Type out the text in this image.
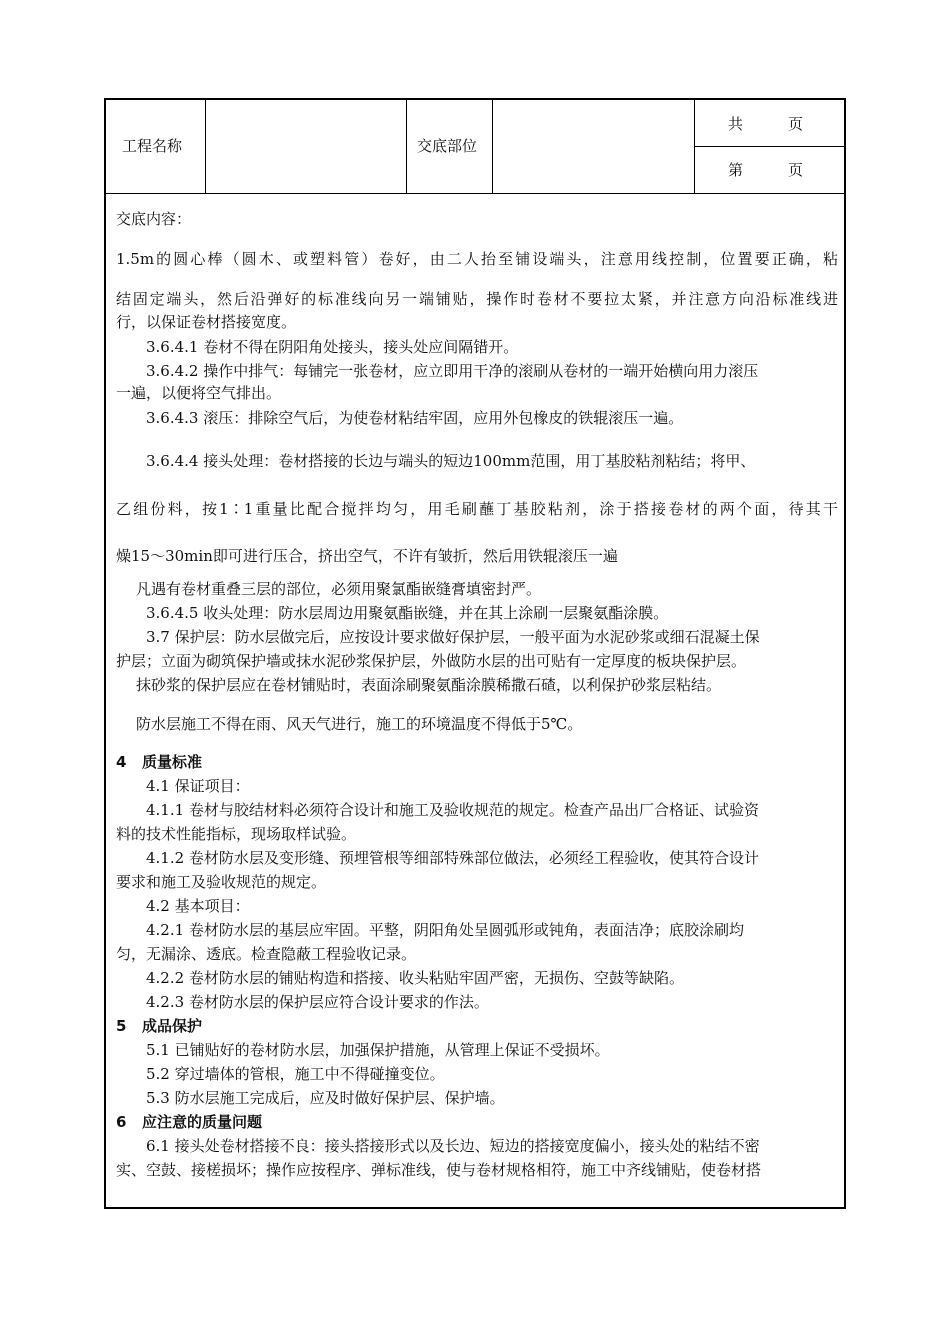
工程名称	交底部位
共　　　页
第　　　页
交底内容：
1.5m的圆心棒（圆木、或塑料管）卷好，由二人抬至铺设端头，注意用线控制，位置要正确，粘
结固定端头，然后沿弹好的标准线向另一端铺贴，操作时卷材不要拉太紧，并注意方向沿标准线进
行，以保证卷材搭接宽度。
3.6.4.1 卷材不得在阴阳角处接头，接头处应间隔错开。
3.6.4.2 操作中排气：每铺完一张卷材，应立即用干净的滚刷从卷材的一端开始横向用力滚压
一遍，以便将空气排出。
3.6.4.3 滚压：排除空气后，为使卷材粘结牢固，应用外包橡皮的铁辊滚压一遍。
3.6.4.4 接头处理：卷材搭接的长边与端头的短边100mm范围，用丁基胶粘剂粘结；将甲、
乙组份料，按1∶1重量比配合搅拌均匀，用毛刷蘸丁基胶粘剂，涂于搭接卷材的两个面，待其干
燥15～30min即可进行压合，挤出空气，不许有皱折，然后用铁辊滚压一遍
凡遇有卷材重叠三层的部位，必须用聚氯酯嵌缝膏填密封严。
3.6.4.5 收头处理：防水层周边用聚氨酯嵌缝，并在其上涂刷一层聚氨酯涂膜。
3.7 保护层：防水层做完后，应按设计要求做好保护层，一般平面为水泥砂浆或细石混凝土保
护层；立面为砌筑保护墙或抹水泥砂浆保护层，外做防水层的出可贴有一定厚度的板块保护层。
抹砂浆的保护层应在卷材铺贴时，表面涂刷聚氨酯涂膜稀撒石碴，以利保护砂浆层粘结。
防水层施工不得在雨、风天气进行，施工的环境温度不得低于5℃。
4 质量标准
4.1 保证项目：
4.1.1 卷材与胶结材料必须符合设计和施工及验收规范的规定。检查产品出厂合格证、试验资
料的技术性能指标，现场取样试验。
4.1.2 卷材防水层及变形缝、预埋管根等细部特殊部位做法，必须经工程验收，使其符合设计
要求和施工及验收规范的规定。
4.2 基本项目：
4.2.1 卷材防水层的基层应牢固。平整，阴阳角处呈圆弧形或钝角，表面洁净；底胶涂刷均
匀，无漏涂、透底。检查隐蔽工程验收记录。
4.2.2 卷材防水层的铺贴构造和搭接、收头粘贴牢固严密，无损伤、空鼓等缺陷。
4.2.3 卷材防水层的保护层应符合设计要求的作法。
5 成品保护
5.1 已铺贴好的卷材防水层，加强保护措施，从管理上保证不受损坏。
5.2 穿过墙体的管根，施工中不得碰撞变位。
5.3 防水层施工完成后，应及时做好保护层、保护墙。
6 应注意的质量问题
6.1 接头处卷材搭接不良：接头搭接形式以及长边、短边的搭接宽度偏小，接头处的粘结不密
实、空鼓、接槎损坏；操作应按程序、弹标准线，使与卷材规格相符，施工中齐线铺贴，使卷材搭
